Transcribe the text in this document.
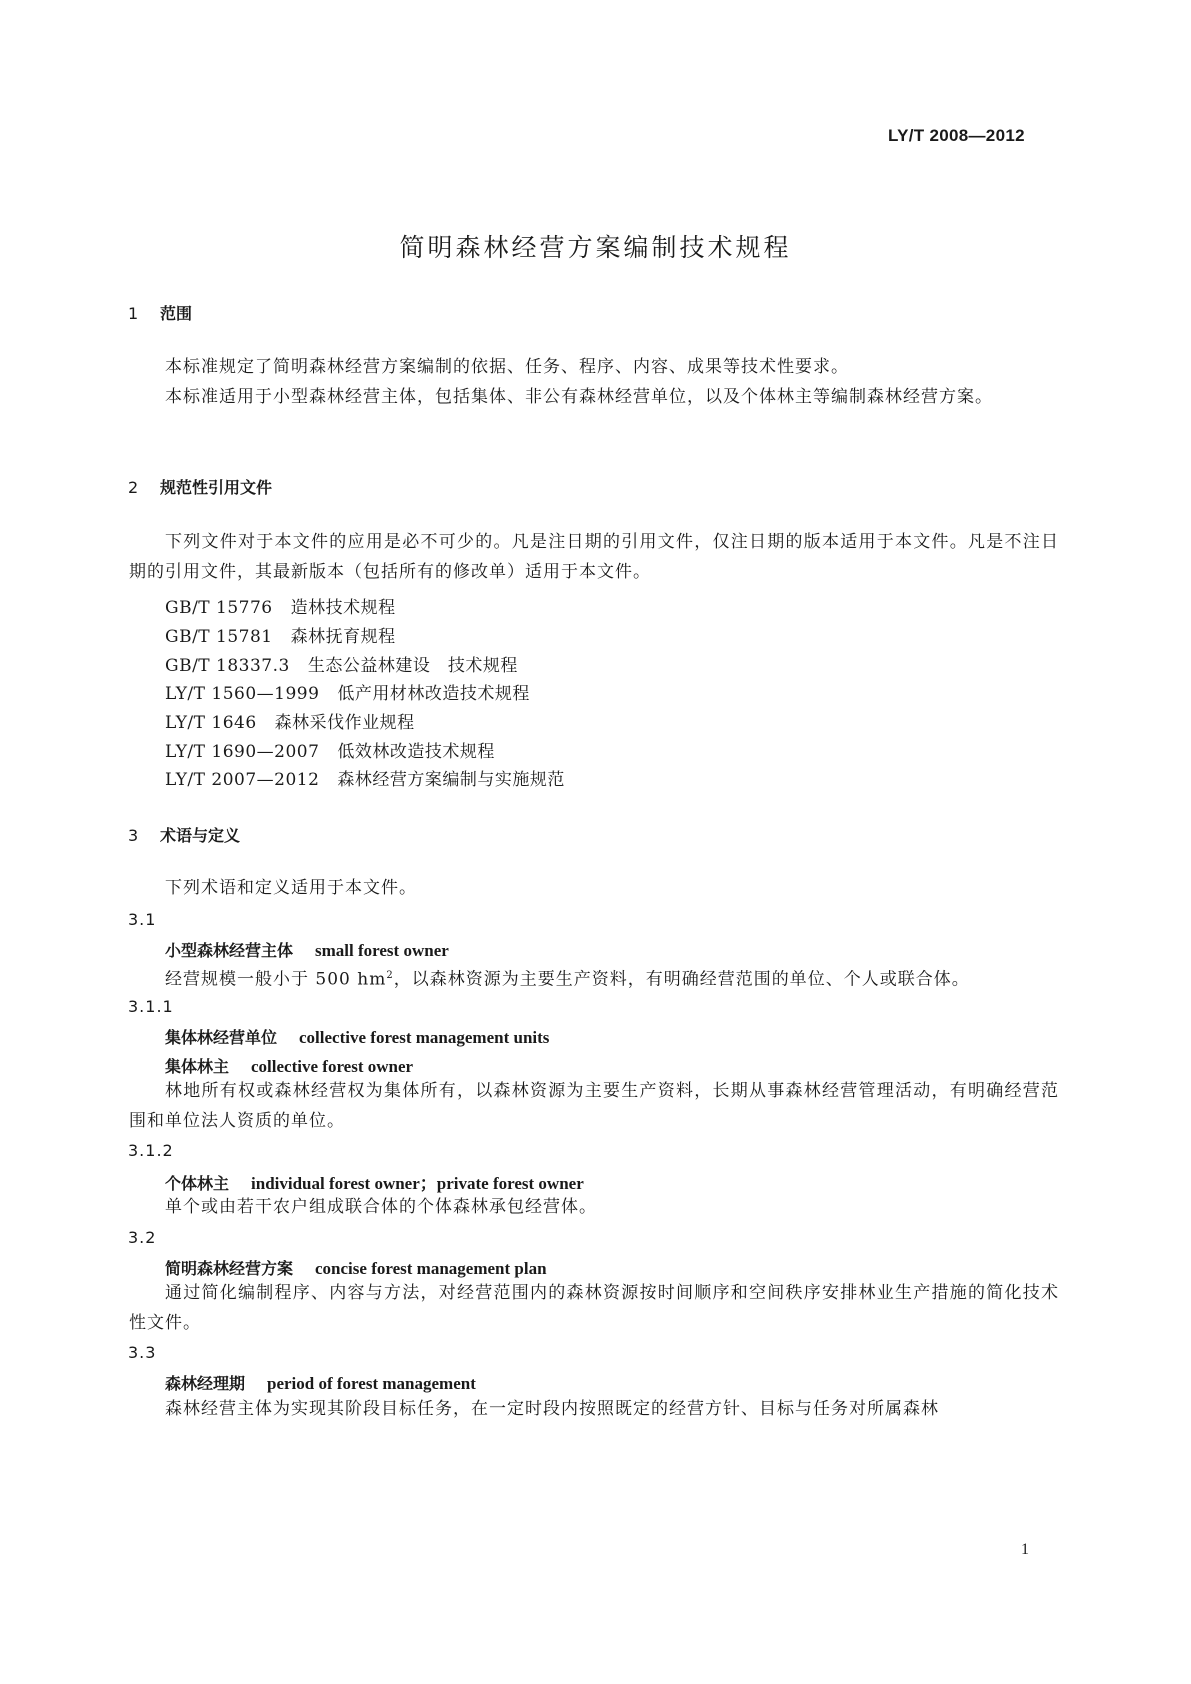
LY/T 2008—2012
简明森林经营方案编制技术规程
1 范围
本标准规定了简明森林经营方案编制的依据、任务、程序、内容、成果等技术性要求。
本标准适用于小型森林经营主体，包括集体、非公有森林经营单位，以及个体林主等编制森林经营方案。
2 规范性引用文件
下列文件对于本文件的应用是必不可少的。凡是注日期的引用文件，仅注日期的版本适用于本文件。凡是不注日期的引用文件，其最新版本（包括所有的修改单）适用于本文件。
GB/T 15776 造林技术规程
GB/T 15781 森林抚育规程
GB/T 18337.3 生态公益林建设　技术规程
LY/T 1560—1999 低产用材林改造技术规程
LY/T 1646 森林采伐作业规程
LY/T 1690—2007 低效林改造技术规程
LY/T 2007—2012 森林经营方案编制与实施规范
3 术语与定义
下列术语和定义适用于本文件。
3.1
小型森林经营主体 small forest owner
经营规模一般小于 500 $hm^2$，以森林资源为主要生产资料，有明确经营范围的单位、个人或联合体。
3.1.1
集体林经营单位 collective forest management units
集体林主 collective forest owner
林地所有权或森林经营权为集体所有，以森林资源为主要生产资料，长期从事森林经营管理活动，有明确经营范围和单位法人资质的单位。
3.1.2
个体林主 individual forest owner；private forest owner
单个或由若干农户组成联合体的个体森林承包经营体。
3.2
简明森林经营方案 concise forest management plan
通过简化编制程序、内容与方法，对经营范围内的森林资源按时间顺序和空间秩序安排林业生产措施的简化技术性文件。
3.3
森林经理期 period of forest management
森林经营主体为实现其阶段目标任务，在一定时段内按照既定的经营方针、目标与任务对所属森林
1
